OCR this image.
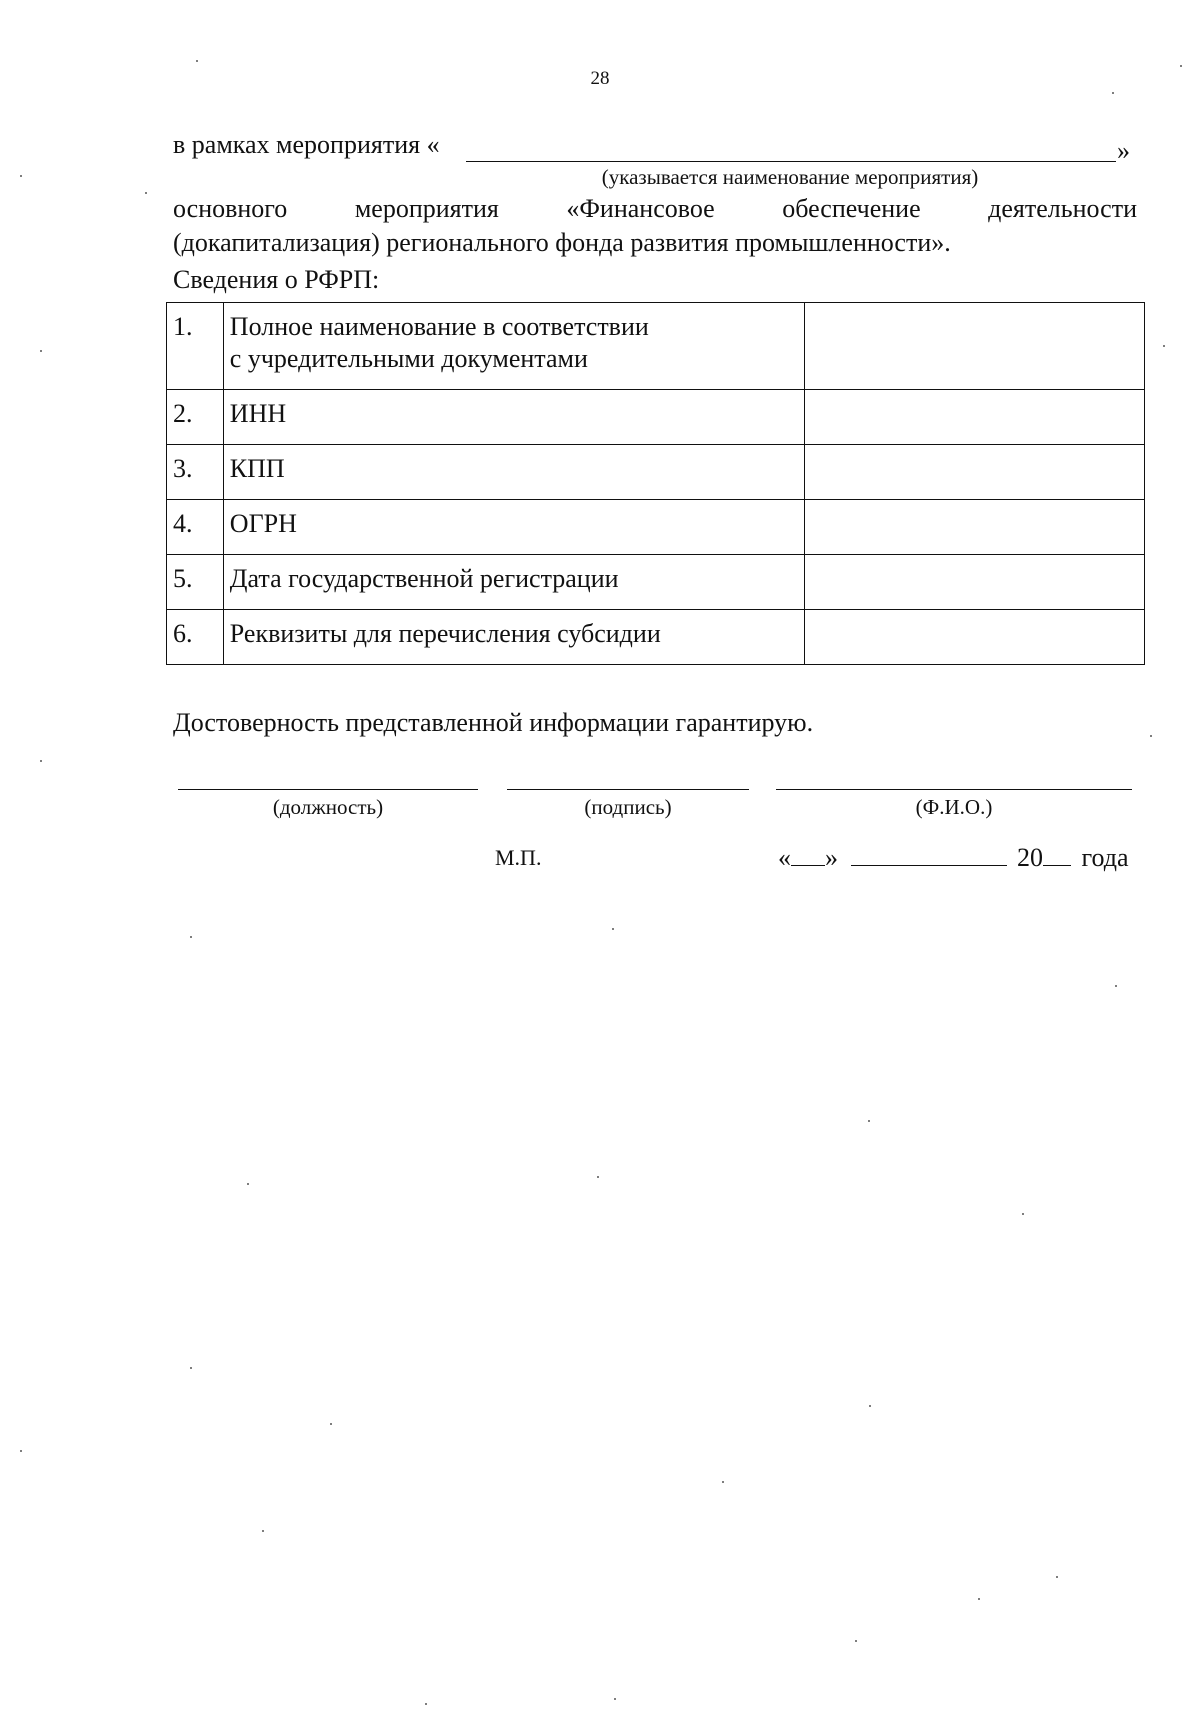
28
в рамках мероприятия «	»
(указывается наименование мероприятия)
основного мероприятия «Финансовое обеспечение деятельности
(докапитализация) регионального фонда развития промышленности».
Сведения о РФРП:
1.	Полное наименование в соответствии
с учредительными документами	

2.	ИНН	
3.	КПП	
4.	ОГРН	
5.	Дата государственной регистрации	
6.	Реквизиты для перечисления субсидии	
Достоверность представленной информации гарантирую.
(должность)	(подпись)	(Ф.И.О.)
М.П.	« »	20 года
